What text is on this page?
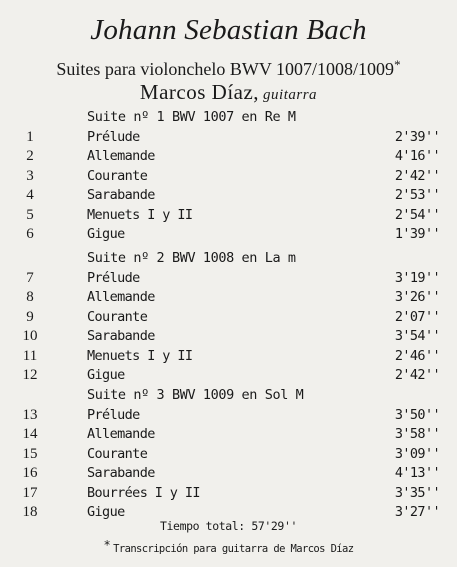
Johann Sebastian Bach
Suites para violonchelo BWV 1007/1008/1009*
Marcos Díaz, guitarra
Suite nº 1 BWV 1007 en Re M
1	Prélude	2'39''
2	Allemande	4'16''
3	Courante	2'42''
4	Sarabande	2'53''
5	Menuets I y II	2'54''
6	Gigue	1'39''
Suite nº 2 BWV 1008 en La m
7	Prélude	3'19''
8	Allemande	3'26''
9	Courante	2'07''
10	Sarabande	3'54''
11	Menuets I y II	2'46''
12	Gigue	2'42''
Suite nº 3 BWV 1009 en Sol M
13	Prélude	3'50''
14	Allemande	3'58''
15	Courante	3'09''
16	Sarabande	4'13''
17	Bourrées I y II	3'35''
18	Gigue	3'27''
Tiempo total: 57'29''
* Transcripción para guitarra de Marcos Díaz
